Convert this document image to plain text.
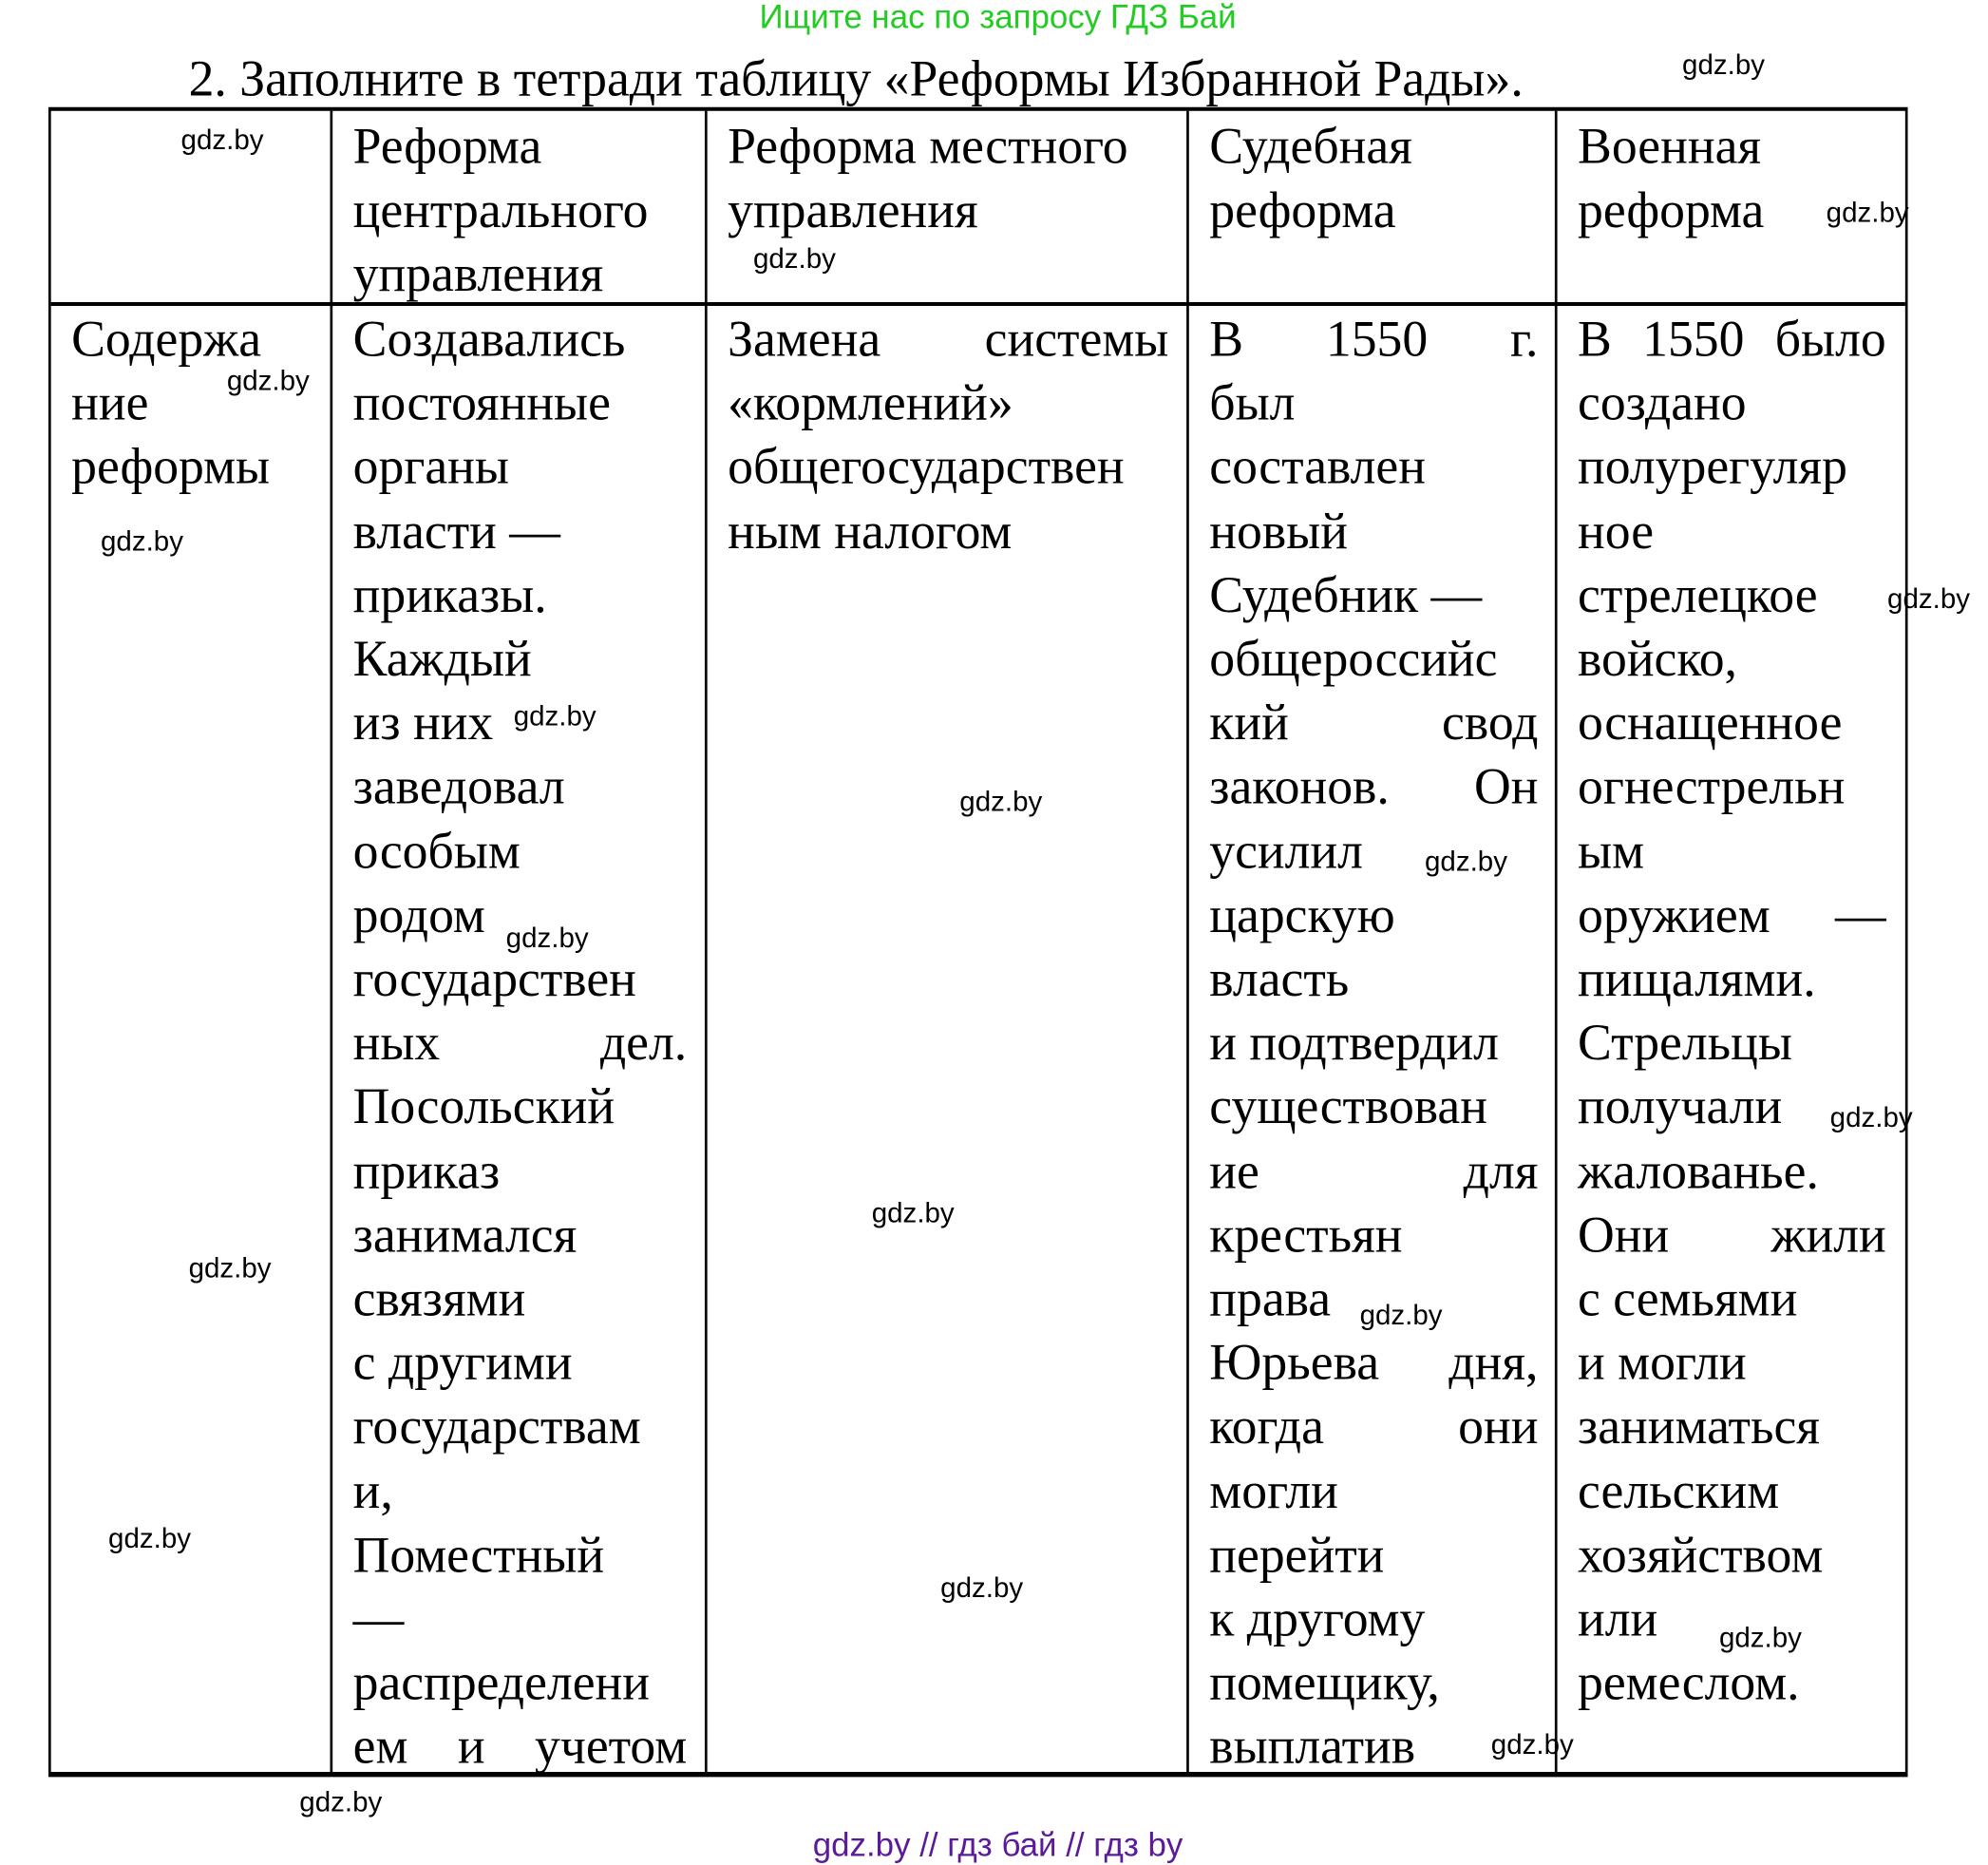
Ищите нас по запросу ГДЗ Бай
2. Заполните в тетради таблицу «Реформы Избранной Рады».
Реформа
центрального
управления
Реформа местного
управления
Судебная
реформа
Военная
реформа
Содержа
ние
реформы
Создавались
постоянные
органы
власти —
приказы.
Каждый
из них
заведовал
особым
родом
государствен
ных дел.
Посольский
приказ
занимался
связями
с другими
государствам
и,
Поместный
—
распределени
ем и учетом
Замена системы
«кормлений»
общегосударствен
ным налогом
В 1550 г.
был
составлен
новый
Судебник —
общероссийс
кий свод
законов. Он
усилил
царскую
власть
и подтвердил
существован
ие для
крестьян
права
Юрьева дня,
когда они
могли
перейти
к другому
помещику,
выплатив
В 1550 было
создано
полурегуляр
ное
стрелецкое
войско,
оснащенное
огнестрельн
ым
оружием —
пищалями.
Стрельцы
получали
жалованье.
Они жили
с семьями
и могли
заниматься
сельским
хозяйством
или
ремеслом.
gdz.by
gdz.by
gdz.by
gdz.by
gdz.by
gdz.by
gdz.by
gdz.by
gdz.by
gdz.by
gdz.by
gdz.by
gdz.by
gdz.by
gdz.by
gdz.by
gdz.by
gdz.by
gdz.by
gdz.by
gdz.by // гдз бай // гдз by
